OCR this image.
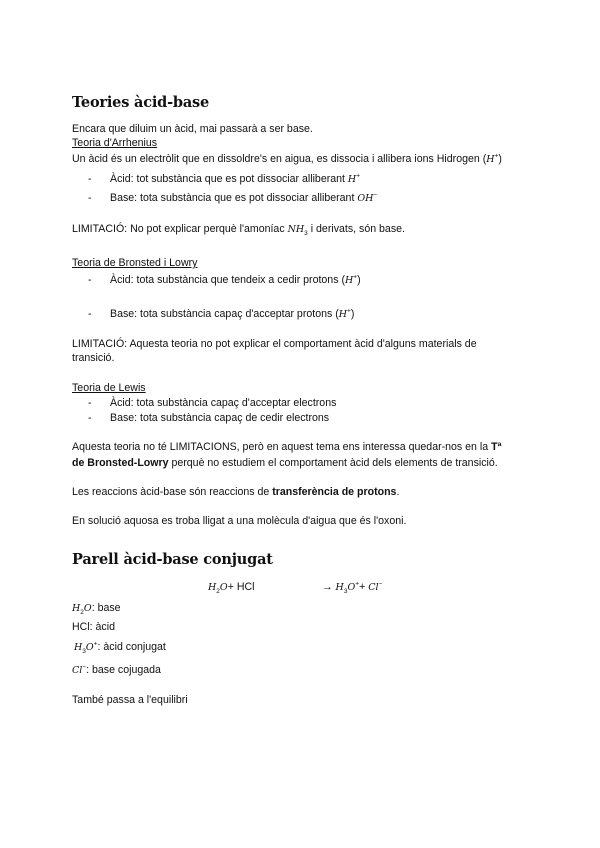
Teories àcid-base
Encara que diluim un àcid, mai passarà a ser base.
Teoria d'Arrhenius
Un àcid és un electròlit que en dissoldre's en aigua, es dissocia i allibera ions Hidrogen (H+)
- Àcid: tot substància que es pot dissociar alliberant H+
- Base: tota substància que es pot dissociar alliberant OH−
LIMITACIÓ: No pot explicar perquè l'amoníac $NH_3$ i derivats, són base.
Teoria de Bronsted i Lowry
- Àcid: tota substància que tendeix a cedir protons (H+)
- Base: tota substància capaç d'acceptar protons (H+)
LIMITACIÓ: Aquesta teoria no pot explicar el comportament àcid d'alguns materials de
transició.
Teoria de Lewis
- Àcid: tota substància capaç d'acceptar electrons
- Base: tota substància capaç de cedir electrons
Aquesta teoria no té LIMITACIONS, però en aquest tema ens interessa quedar-nos en la Tª
de Bronsted-Lowry perquè no estudiem el comportament àcid dels elements de transició.
Les reaccions àcid-base són reaccions de transferència de protons.
En solució aquosa es troba lligat a una molècula d'aigua que és l'oxoni.
Parell àcid-base conjugat
$H_2O+$ HCl	→ $H_3O^++ Cl^-$
$H_2O$: base
HCl: àcid
$H_3O^+$: àcid conjugat
Cl−: base cojugada
També passa a l'equilibri
